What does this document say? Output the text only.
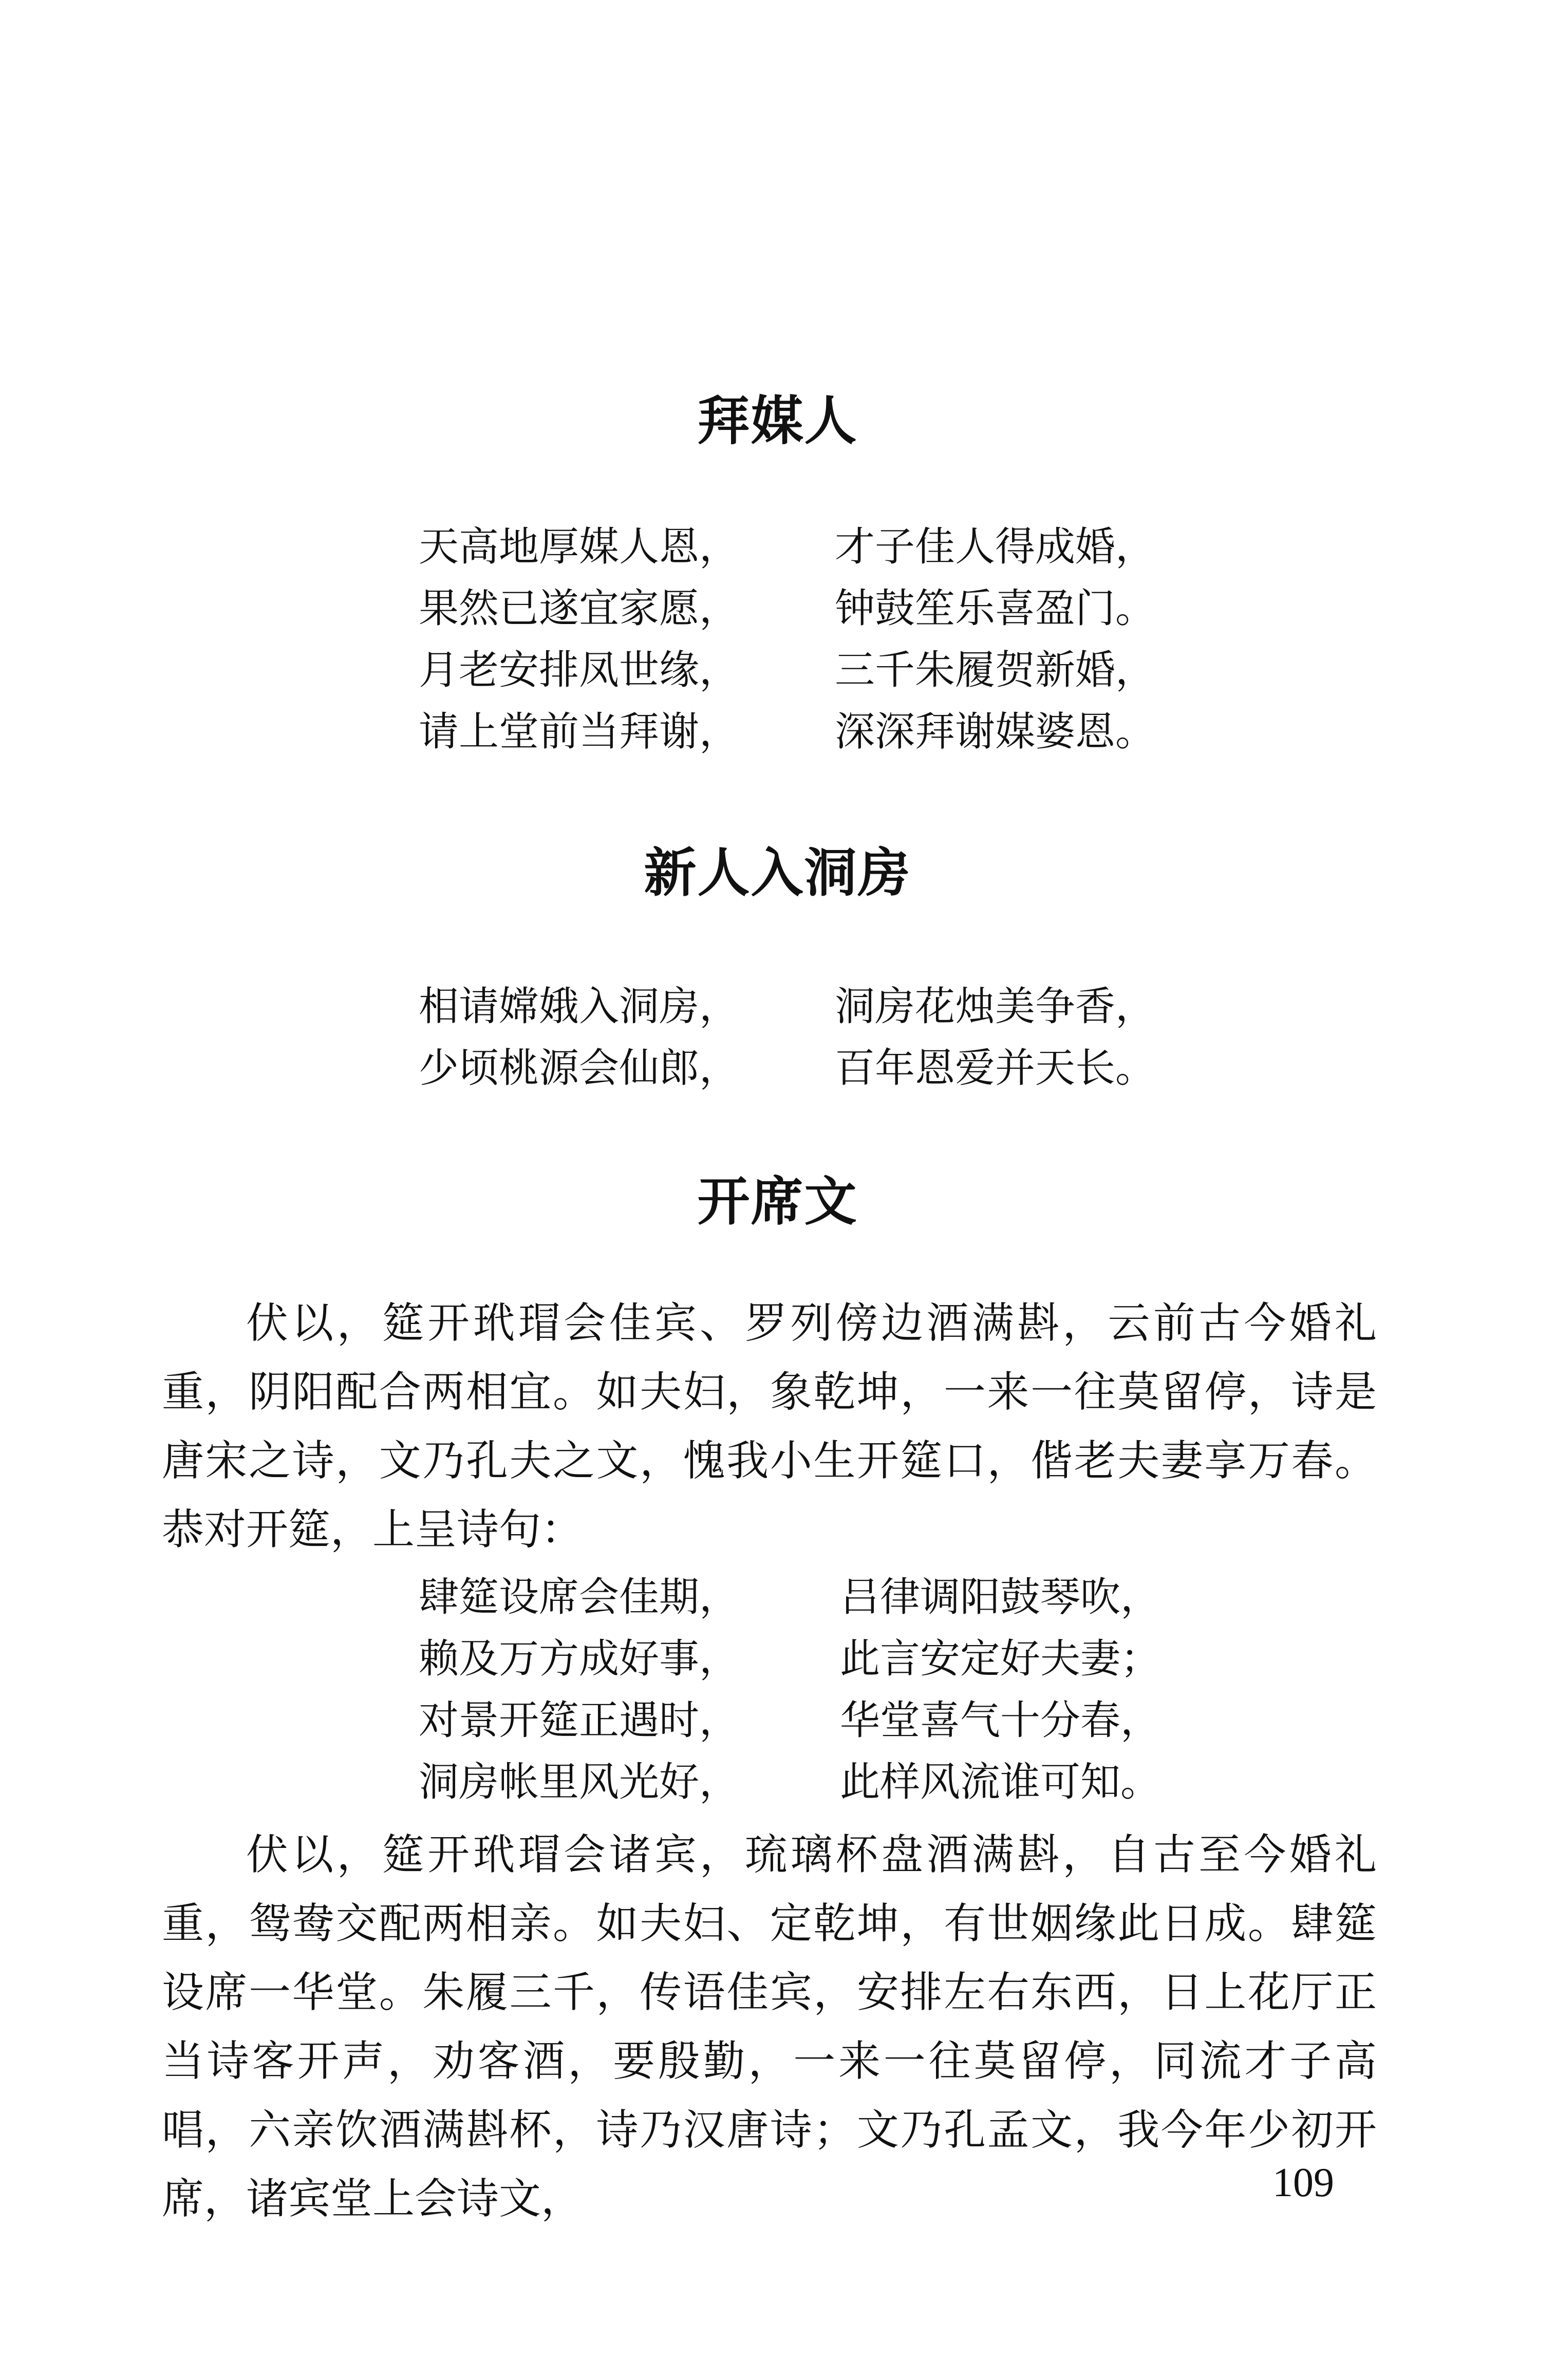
拜媒人
天高地厚媒人恩， 才子佳人得成婚，
果然已遂宜家愿， 钟鼓笙乐喜盈门。
月老安排凤世缘， 三千朱履贺新婚，
请上堂前当拜谢， 深深拜谢媒婆恩。
新人入洞房
相请嫦娥入洞房， 洞房花烛美争香，
少顷桃源会仙郎， 百年恩爱并天长。
开席文

伏以，筵开玳瑁会佳宾、罗列傍边酒满斟，云前古今婚礼重，阴阳配合两相宜。如夫妇，象乾坤，一来一往莫留停，诗是唐宋之诗，文乃孔夫之文，愧我小生开筵口，偕老夫妻享万春。恭对开筵，上呈诗句：

肆筵设席会佳期，	吕律调阳鼓琴吹，
赖及万方成好事，	此言安定好夫妻；
对景开筵正遇时，	华堂喜气十分春，
洞房帐里风光好，	此样风流谁可知。

伏以，筵开玳瑁会诸宾，琉璃杯盘酒满斟，自古至今婚礼重，鸳鸯交配两相亲。如夫妇、定乾坤，有世姻缘此日成。肆筵设席一华堂。朱履三千，传语佳宾，安排左右东西，日上花厅正当诗客开声，劝客酒，要殷勤，一来一往莫留停，同流才子高唱，六亲饮酒满斟杯，诗乃汉唐诗；文乃孔孟文，我今年少初开席，诸宾堂上会诗文，	109
